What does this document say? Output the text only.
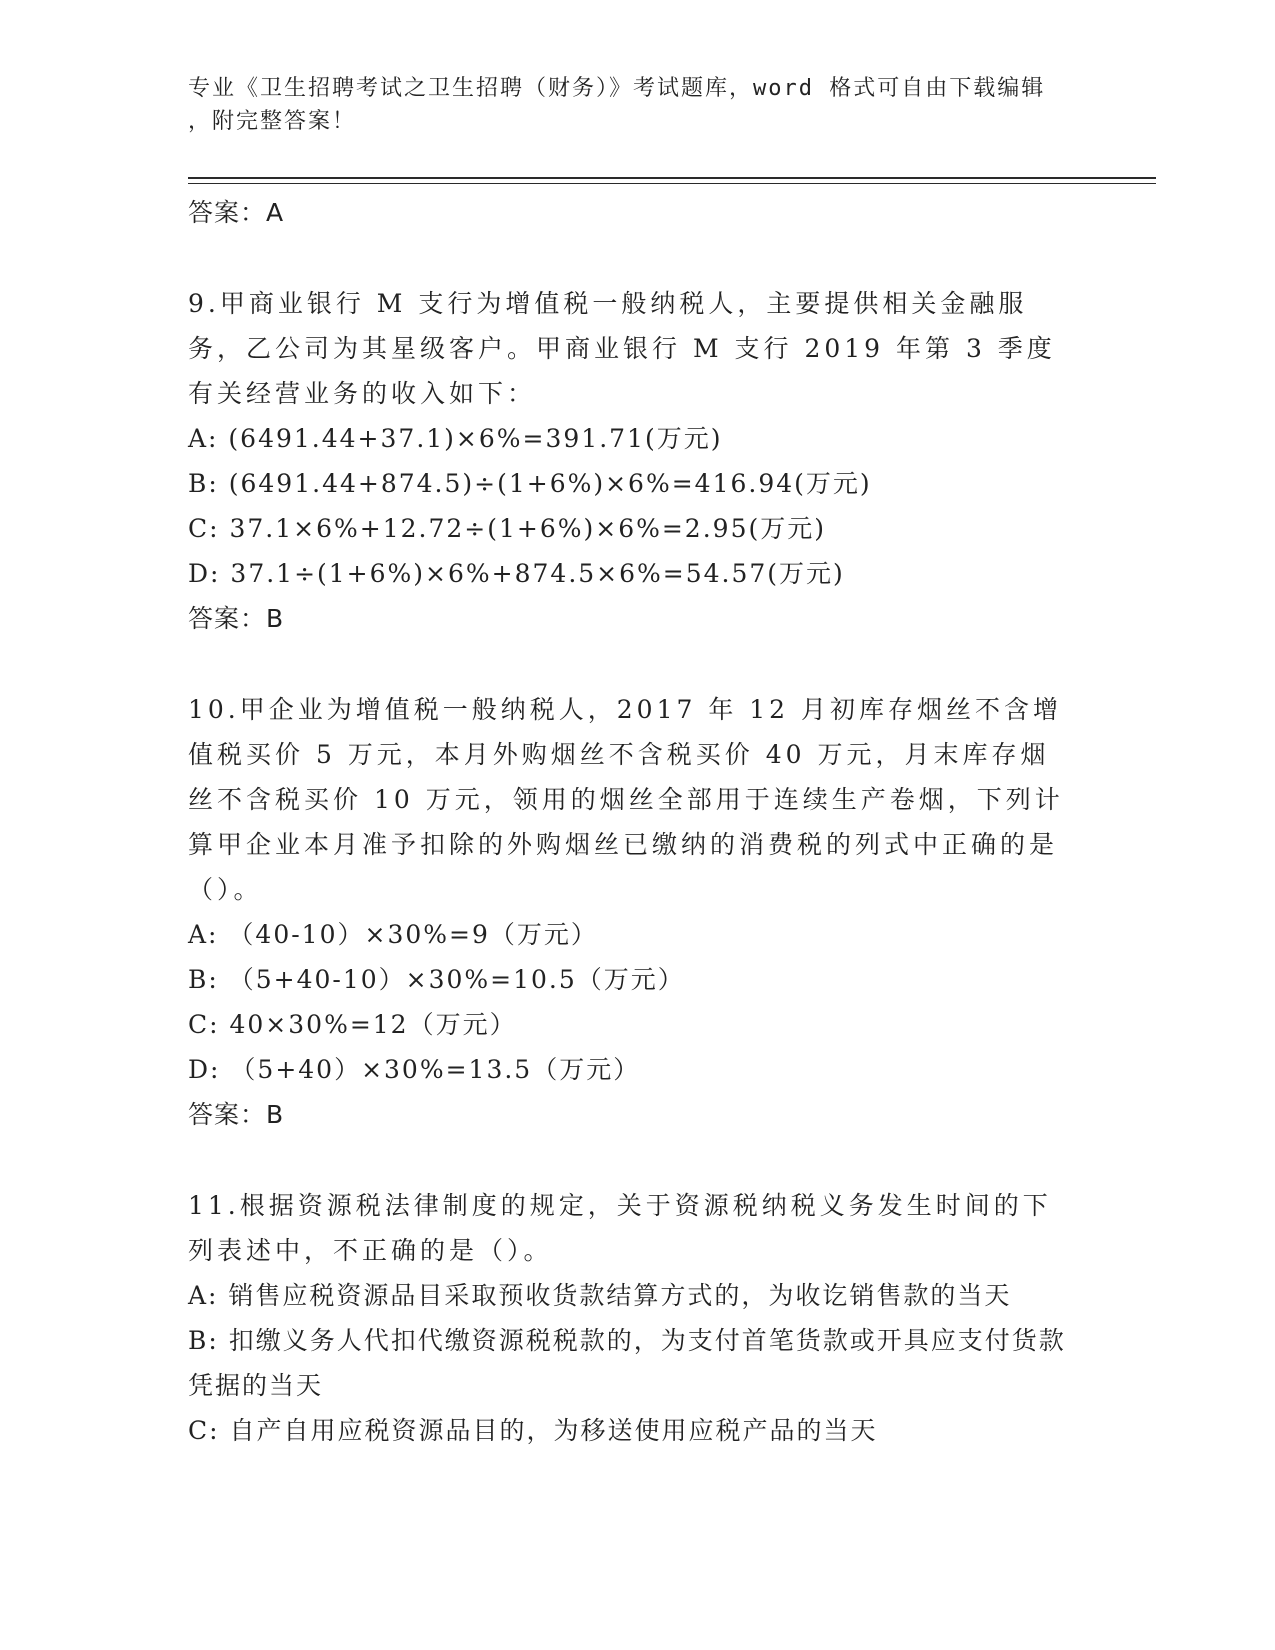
专业《卫生招聘考试之卫生招聘（财务）》考试题库，word 格式可自由下载编辑
，附完整答案！
答案：A
9.甲商业银行 M 支行为增值税一般纳税人，主要提供相关金融服务，乙公司为其星级客户。甲商业银行 M 支行 2019 年第 3 季度有关经营业务的收入如下：
A: (6491.44+37.1)×6%=391.71(万元)
B: (6491.44+874.5)÷(1+6%)×6%=416.94(万元)
C: 37.1×6%+12.72÷(1+6%)×6%=2.95(万元)
D: 37.1÷(1+6%)×6%+874.5×6%=54.57(万元)
答案：B
10.甲企业为增值税一般纳税人，2017 年 12 月初库存烟丝不含增值税买价 5 万元，本月外购烟丝不含税买价 40 万元，月末库存烟丝不含税买价 10 万元，领用的烟丝全部用于连续生产卷烟，下列计算甲企业本月准予扣除的外购烟丝已缴纳的消费税的列式中正确的是（）。
A: （40-10）×30%=9（万元）
B: （5+40-10）×30%=10.5（万元）
C: 40×30%=12（万元）
D: （5+40）×30%=13.5（万元）
答案：B
11.根据资源税法律制度的规定，关于资源税纳税义务发生时间的下列表述中，不正确的是（）。
A: 销售应税资源品目采取预收货款结算方式的，为收讫销售款的当天
B: 扣缴义务人代扣代缴资源税税款的，为支付首笔货款或开具应支付货款凭据的当天
C: 自产自用应税资源品目的，为移送使用应税产品的当天
